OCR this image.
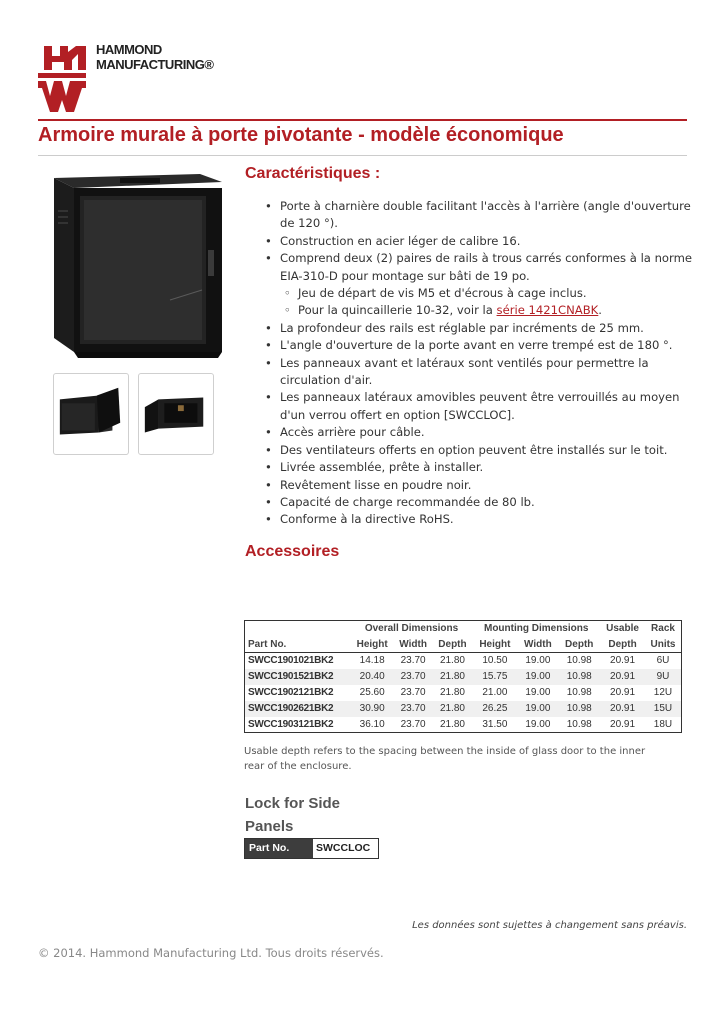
HAMMOND
MANUFACTURING®
Armoire murale à porte pivotante - modèle économique
Caractéristiques :
• Porte à charnière double facilitant l'accès à l'arrière (angle d'ouverture de 120 °).
• Construction en acier léger de calibre 16.
• Comprend deux (2) paires de rails à trous carrés conformes à la norme EIA-310-D pour montage sur bâti de 19 po.
◦ Jeu de départ de vis M5 et d'écrous à cage inclus.
◦ Pour la quincaillerie 10-32, voir la série 1421CNABK.
• La profondeur des rails est réglable par incréments de 25 mm.
• L'angle d'ouverture de la porte avant en verre trempé est de 180 °.
• Les panneaux avant et latéraux sont ventilés pour permettre la circulation d'air.
• Les panneaux latéraux amovibles peuvent être verrouillés au moyen d'un verrou offert en option [SWCCLOC].
• Accès arrière pour câble.
• Des ventilateurs offerts en option peuvent être installés sur le toit.
• Livrée assemblée, prête à installer.
• Revêtement lisse en poudre noir.
• Capacité de charge recommandée de 80 lb.
• Conforme à la directive RoHS.
Accessoires
	Overall Dimensions			Mounting Dimensions			Usable	Rack
Part No.	Height	Width	Depth	Height	Width	Depth	Depth	Units
SWCC1901021BK2	14.18	23.70	21.80	10.50	19.00	10.98	20.91	6U
SWCC1901521BK2	20.40	23.70	21.80	15.75	19.00	10.98	20.91	9U
SWCC1902121BK2	25.60	23.70	21.80	21.00	19.00	10.98	20.91	12U
SWCC1902621BK2	30.90	23.70	21.80	26.25	19.00	10.98	20.91	15U
SWCC1903121BK2	36.10	23.70	21.80	31.50	19.00	10.98	20.91	18U

Usable depth refers to the spacing between the inside of glass door to the inner rear of the enclosure.

Lock for Side
Panels
Part No.	SWCCLOC

Les données sont sujettes à changement sans préavis.

© 2014. Hammond Manufacturing Ltd. Tous droits réservés.
